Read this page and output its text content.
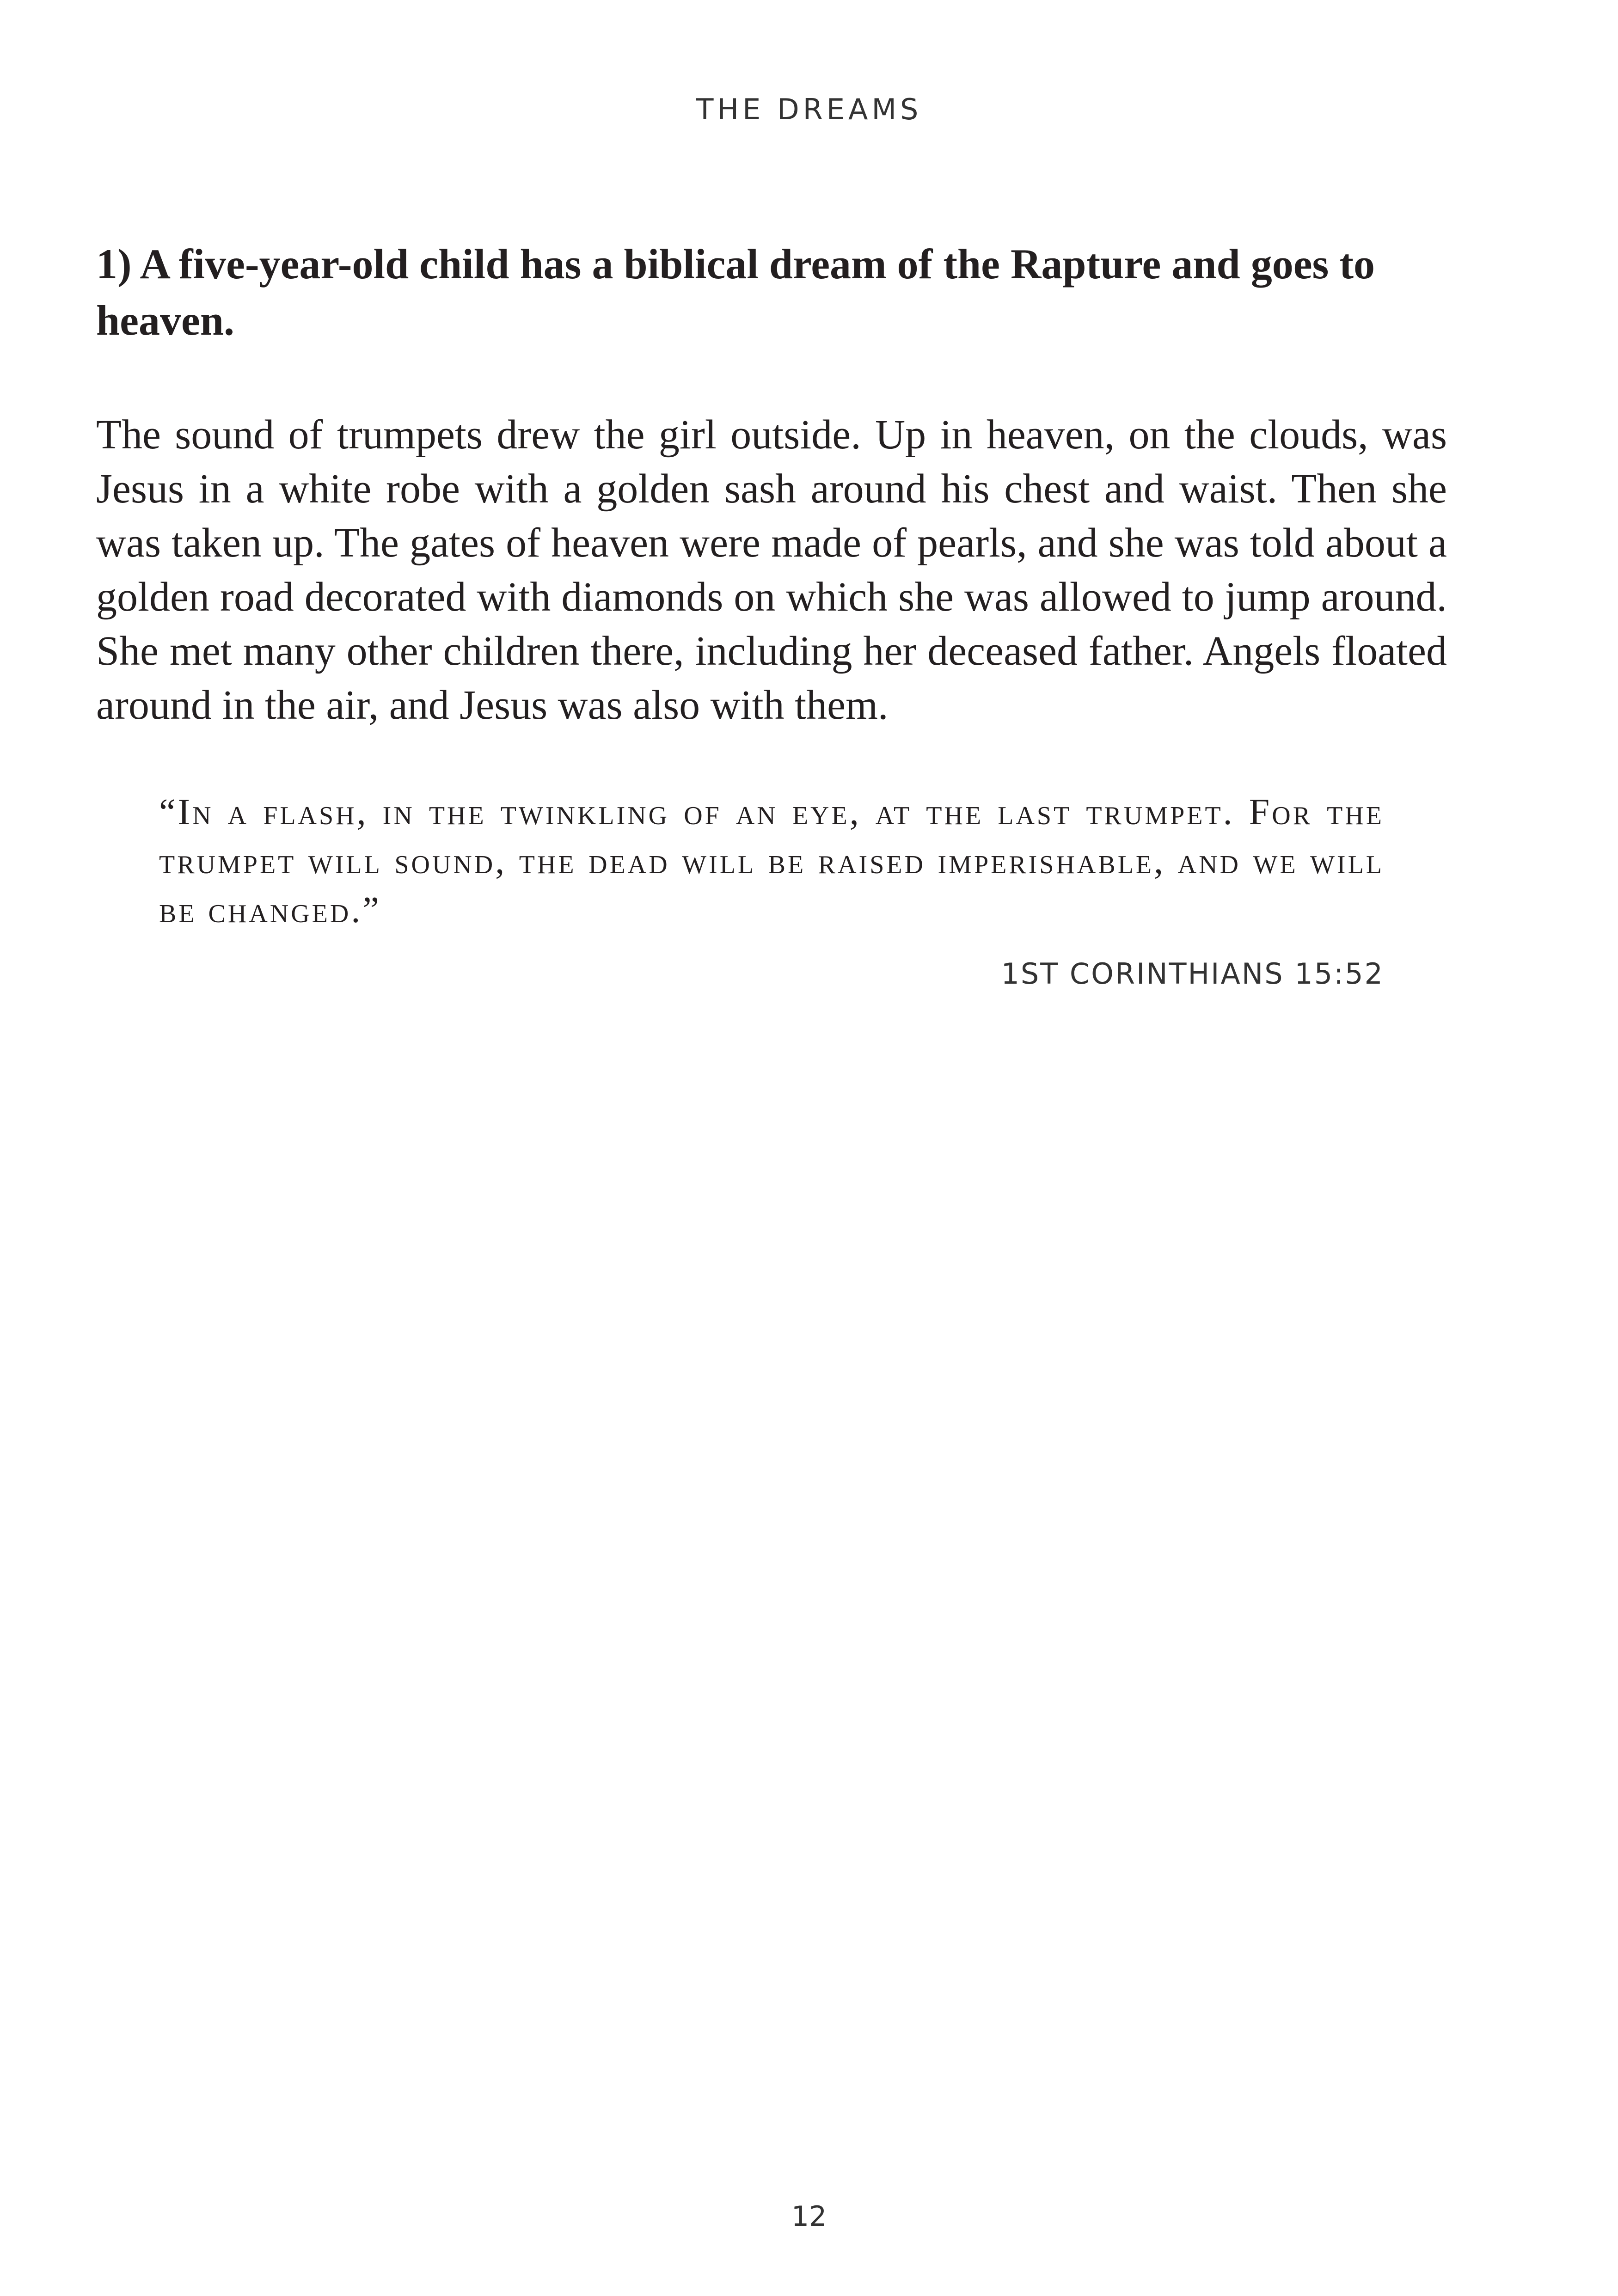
THE DREAMS
1) A five-year-old child has a biblical dream of the Rapture and goes to heaven.

The sound of trumpets drew the girl outside. Up in heaven, on the clouds, was Jesus in a white robe with a golden sash around his chest and waist. Then she was taken up. The gates of heaven were made of pearls, and she was told about a golden road decorated with diamonds on which she was allowed to jump around. She met many other children there, including her deceased father. Angels floated around in the air, and Jesus was also with them.

“In a flash, in the twinkling of an eye, at the last trumpet. For the trumpet will sound, the dead will be raised imperishable, and we will be changed.”
1ST CORINTHIANS 15:52
12
